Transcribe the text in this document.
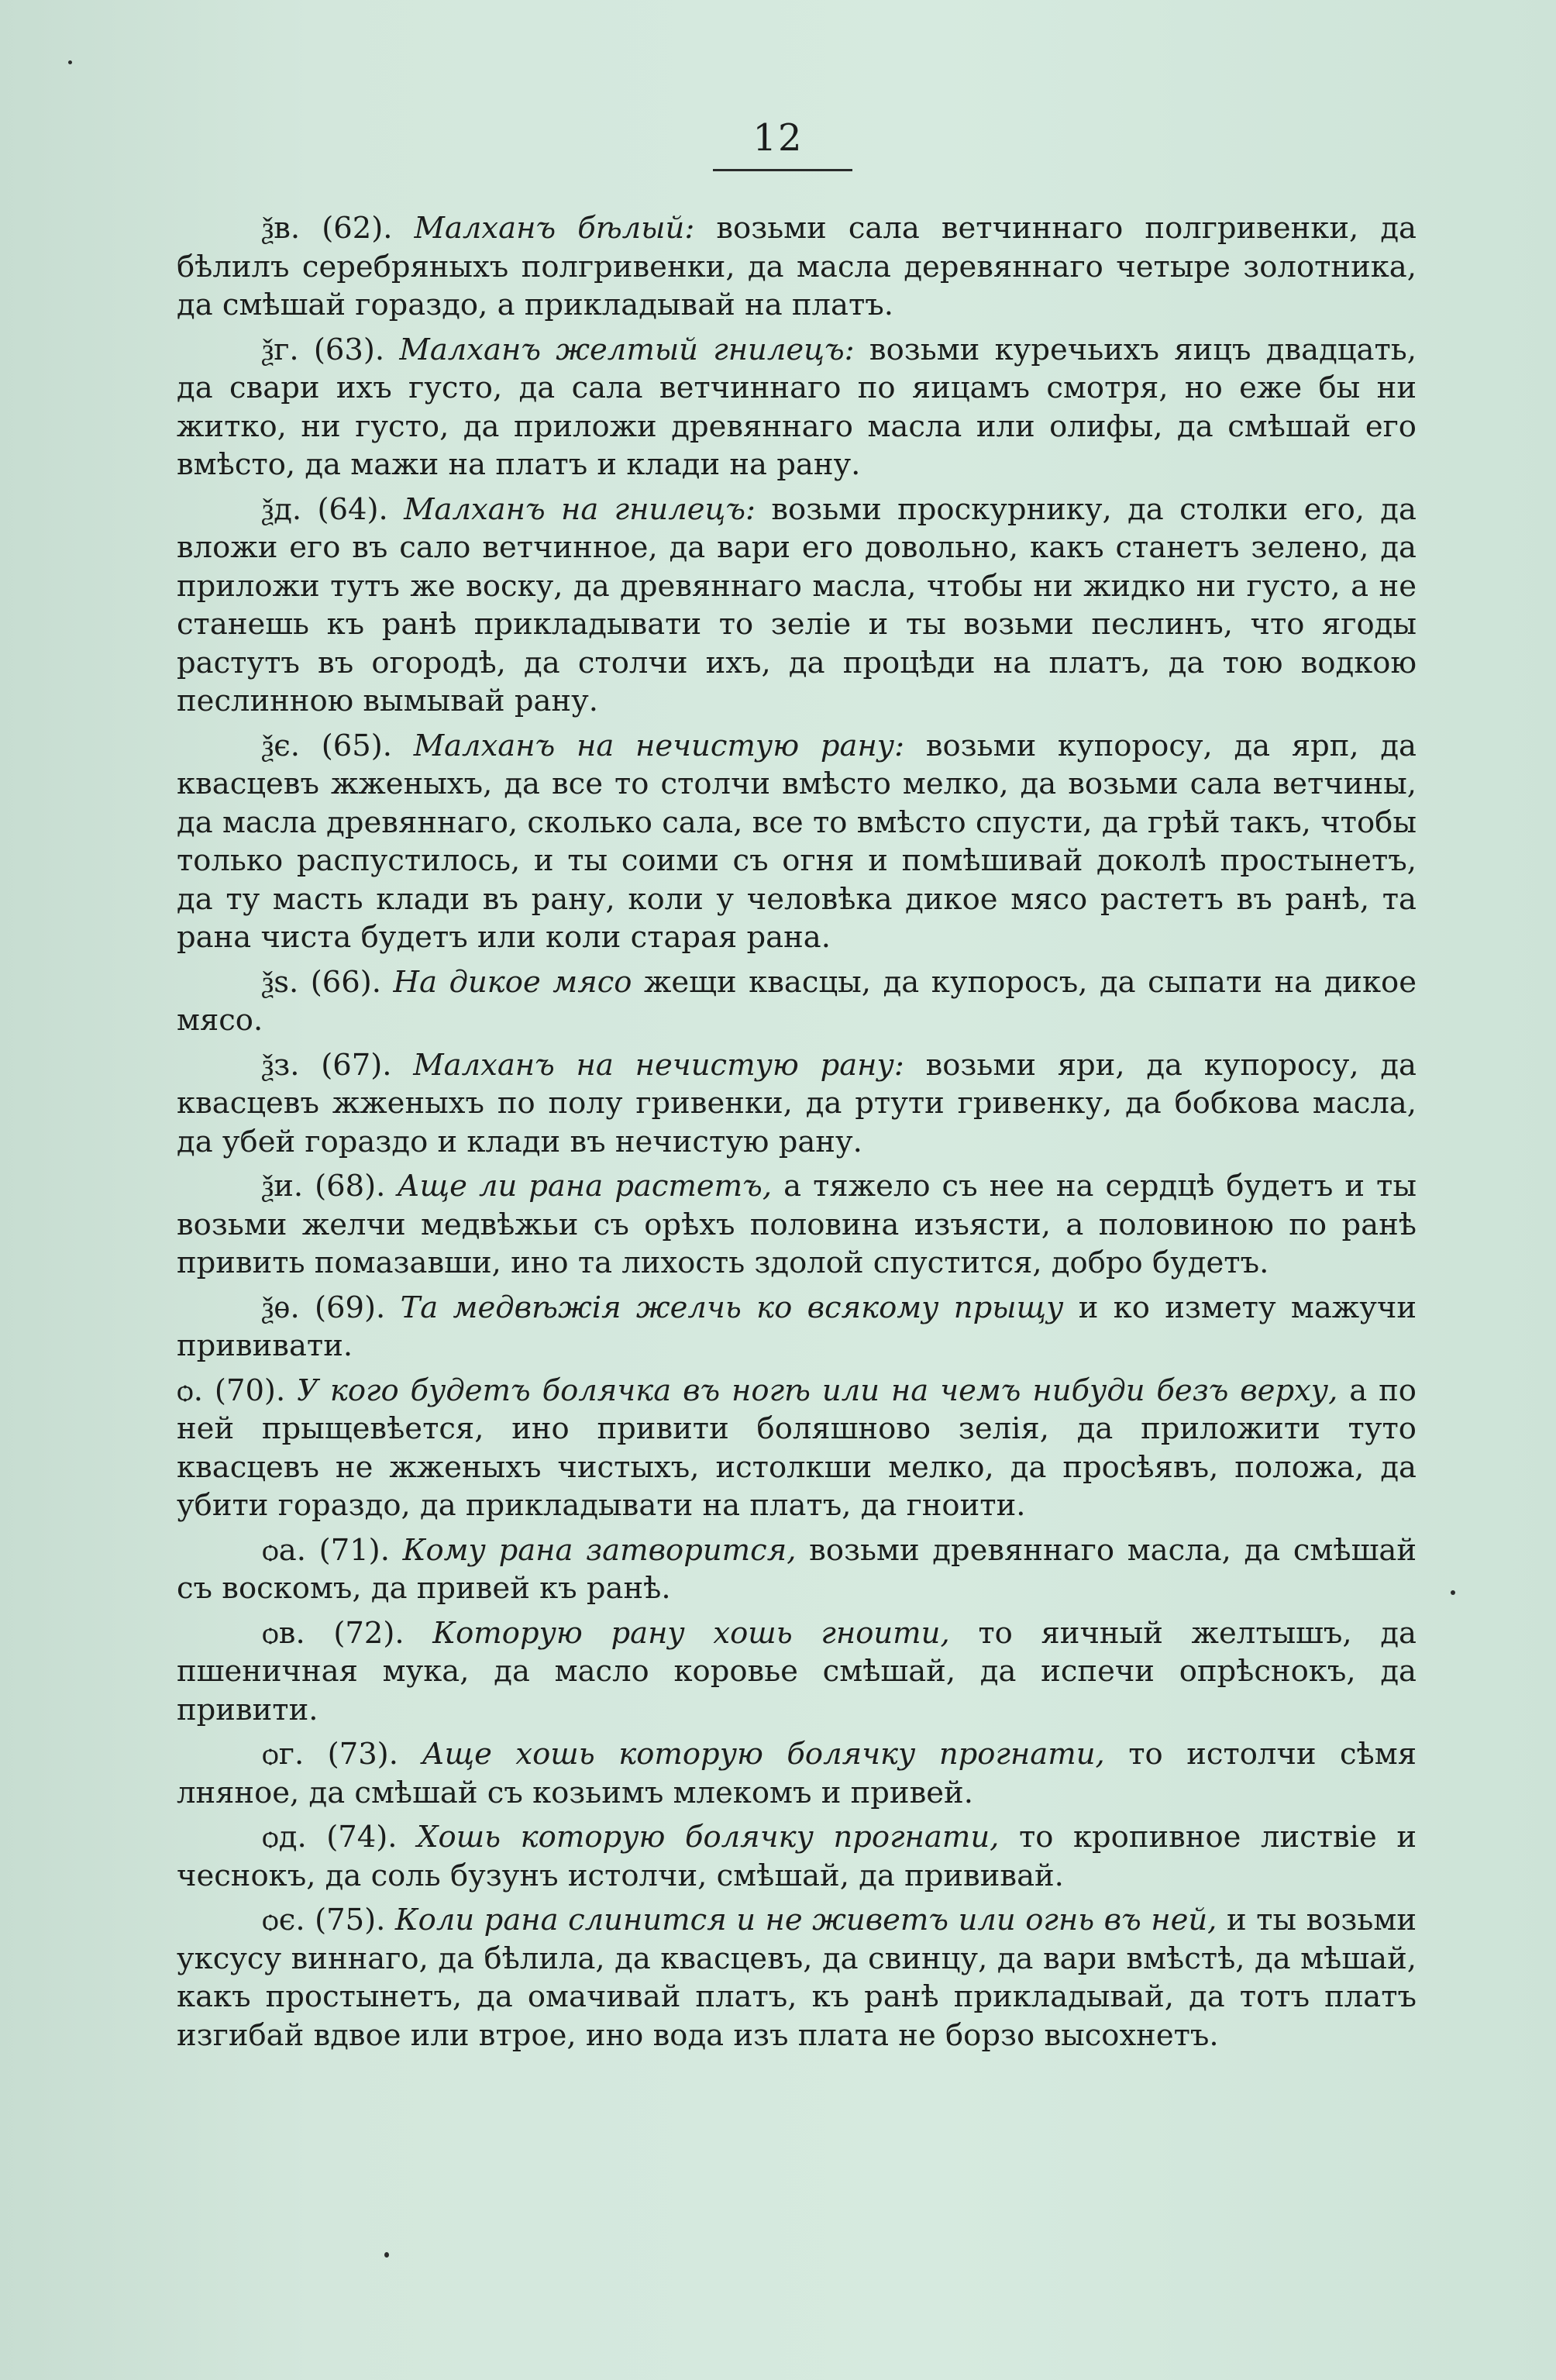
12

ѯв. (62). Малханъ бѣлый: возьми сала ветчиннаго полгривенки, да бѣлилъ серебряныхъ полгривенки, да масла деревяннаго четыре золотника, да смѣшай гораздо, а прикладывай на платъ.

ѯг. (63). Малханъ желтый гнилецъ: возьми куречьихъ яицъ двадцать, да свари ихъ густо, да сала ветчиннаго по яицамъ смотря, но еже бы ни житко, ни густо, да приложи древяннаго масла или олифы, да смѣшай его вмѣсто, да мажи на платъ и клади на рану.

ѯд. (64). Малханъ на гнилецъ: возьми проскурнику, да столки его, да вложи его въ сало ветчинное, да вари его довольно, какъ станетъ зелено, да приложи тутъ же воску, да древяннаго масла, чтобы ни жидко ни густо, а не станешь къ ранѣ прикладывати то зеліе и ты возьми песлинъ, что ягоды растутъ въ огородѣ, да столчи ихъ, да процѣди на платъ, да тою водкою песлинною вымывай рану.

ѯє. (65). Малханъ на нечистую рану: возьми купоросу, да ярп, да квасцевъ жженыхъ, да все то столчи вмѣсто мелко, да возьми сала ветчины, да масла древяннаго, сколько сала, все то вмѣсто спусти, да грѣй такъ, чтобы только распустилось, и ты соими съ огня и помѣшивай доколѣ простынетъ, да ту масть клади въ рану, коли у человѣка дикое мясо растетъ въ ранѣ, та рана чиста будетъ или коли старая рана.

ѯѕ. (66). На дикое мясо жещи квасцы, да купоросъ, да сыпати на дикое мясо.

ѯз. (67). Малханъ на нечистую рану: возьми яри, да купоросу, да квасцевъ жженыхъ по полу гривенки, да ртути гривенку, да бобкова масла, да убей гораздо и клади въ нечистую рану.

ѯи. (68). Аще ли рана растетъ, а тяжело съ нее на сердцѣ будетъ и ты возьми желчи медвѣжьи съ орѣхъ половина изъясти, а половиною по ранѣ привить помазавши, ино та лихость здолой спустится, добро будетъ.

ѯѳ. (69). Та медвѣжія желчь ко всякому прыщу и ко измету мажучи прививати.

ѻ. (70). У кого будетъ болячка въ ногѣ или на чемъ нибуди безъ верху, а по ней прыщевѣется, ино привити боляшново зелія, да приложити туто квасцевъ не жженыхъ чистыхъ, истолкши мелко, да просѣявъ, положа, да убити гораздо, да прикладывати на платъ, да гноити.

ѻа. (71). Кому рана затворится, возьми древяннаго масла, да смѣшай съ воскомъ, да привей къ ранѣ.

ѻв. (72). Которую рану хошь гноити, то яичный желтышъ, да пшеничная мука, да масло коровье смѣшай, да испечи опрѣснокъ, да привити.

ѻг. (73). Аще хошь которую болячку прогнати, то истолчи сѣмя лняное, да смѣшай съ козьимъ млекомъ и привей.

ѻд. (74). Хошь которую болячку прогнати, то кропивное листвіе и чеснокъ, да соль бузунъ истолчи, смѣшай, да прививай.

ѻє. (75). Коли рана слинится и не живетъ или огнь въ ней, и ты возьми уксусу виннаго, да бѣлила, да квасцевъ, да свинцу, да вари вмѣстѣ, да мѣшай, какъ простынетъ, да омачивай платъ, къ ранѣ прикладывай, да тотъ платъ изгибай вдвое или втрое, ино вода изъ плата не борзо высохнетъ.
